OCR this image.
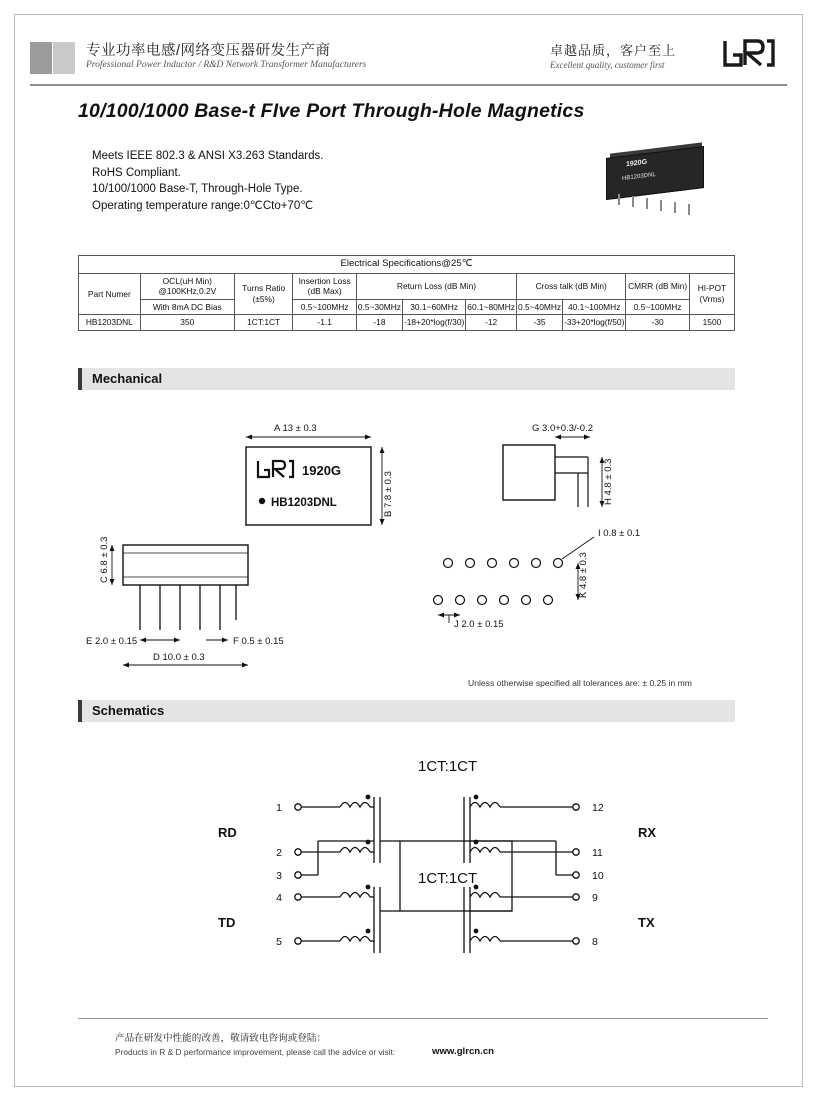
专业功率电感/网络变压器研发生产商
Professional Power Inductor / R&D Network Transformer Manufacturers
卓越品质，客户至上
Excellent quality, customer first
10/100/1000 Base-t FIve Port Through-Hole Magnetics
Meets IEEE 802.3 & ANSI X3.263 Standards.
RoHS Compliant.
10/100/1000 Base-T, Through-Hole Type.
Operating temperature range:0℃Cto+70℃
1920G
HB1203DNL
Electrical Specifications@25℃										
Part Numer	OCL(uH Min) @100KHz,0.2V	Turns Ratio (±5%)	Insertion Loss (dB Max)	Return Loss (dB Min)			Cross talk (dB Min)		CMRR (dB Min)	HI-POT (Vrms)
	With 8mA DC Bias		0.5~100MHz	0.5~30MHz	30.1~60MHz	60.1~80MHz	0.5~40MHz	40.1~100MHz	0.5~100MHz	
HB1203DNL	350	1CT:1CT	-1.1	-18	-18+20*log(f/30)	-12	-35	-33+20*log(f/50)	-30	1500
Mechanical
1920G
HB1203DNL
A 13 ± 0.3
B 7.8 ± 0.3
G 3.0+0.3/-0.2
H 4.8 ± 0.3
C 6.8 ± 0.3
E 2.0 ± 0.15	F 0.5 ± 0.15
D 10.0 ± 0.3
I 0.8 ± 0.1
K 4.8 ± 0.3
J 2.0 ± 0.15
Unless otherwise specified all tolerances are: ± 0.25 in mm
Schematics
1CT:1CT
1CT:1CT
1
2
3
4
5
12
11
10
9
8
RD
TD
RX
TX
产品在研发中性能的改善，敬请致电咨询或登陆：
Products in R & D performance improvement, please call the advice or visit:	www.glrcn.cn
